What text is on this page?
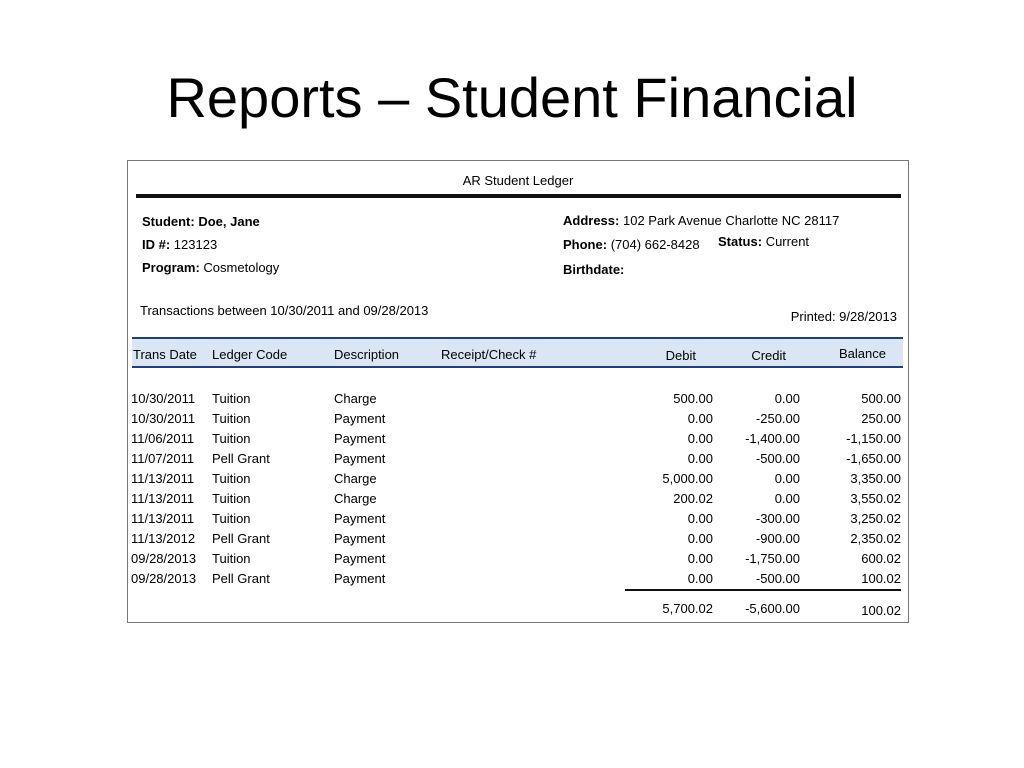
Reports – Student Financial
AR Student Ledger
Student: Doe, Jane
ID #: 123123
Program: Cosmetology
Address: 102 Park Avenue Charlotte NC 28117
Phone: (704) 662-8428 Status: Current
Birthdate:
Transactions between 10/30/2011 and 09/28/2013	Printed: 9/28/2013
Trans Date Ledger Code	Description	Receipt/Check #	Debit	Credit	Balance
10/30/2011 Tuition	Charge	500.00	0.00	500.00
10/30/2011 Tuition	Payment	0.00	-250.00	250.00
11/06/2011 Tuition	Payment	0.00	-1,400.00	-1,150.00
11/07/2011 Pell Grant	Payment	0.00	-500.00	-1,650.00
11/13/2011 Tuition	Charge	5,000.00	0.00	3,350.00
11/13/2011 Tuition	Charge	200.02	0.00	3,550.02
11/13/2011 Tuition	Payment	0.00	-300.00	3,250.02
11/13/2012 Pell Grant	Payment	0.00	-900.00	2,350.02
09/28/2013 Tuition	Payment	0.00	-1,750.00	600.02
09/28/2013 Pell Grant	Payment	0.00	-500.00	100.02
5,700.02	-5,600.00	100.02
